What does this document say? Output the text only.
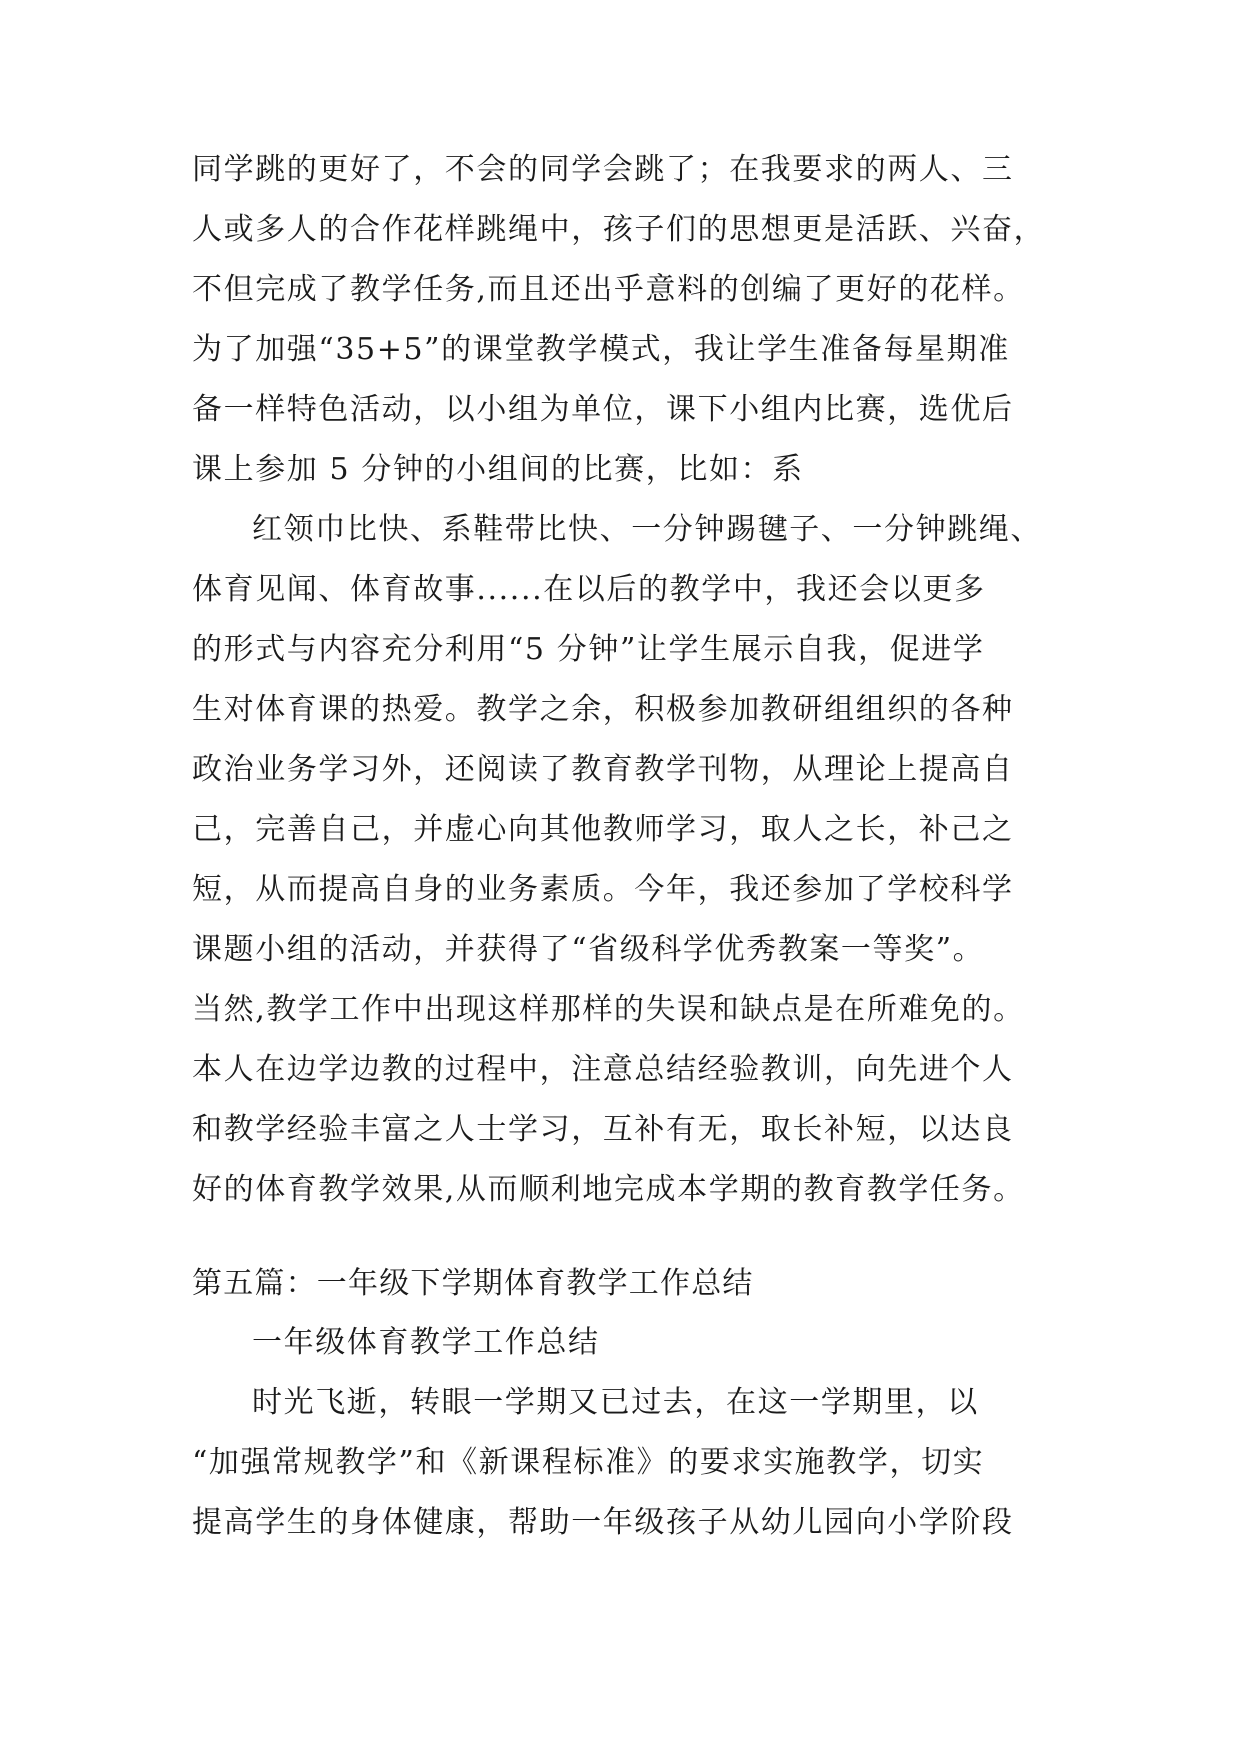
同学跳的更好了，不会的同学会跳了；在我要求的两人、三

人或多人的合作花样跳绳中，孩子们的思想更是活跃、兴奋，

不但完成了教学任务,而且还出乎意料的创编了更好的花样。

为了加强“35+5”的课堂教学模式，我让学生准备每星期准

备一样特色活动，以小组为单位，课下小组内比赛，选优后

课上参加 5 分钟的小组间的比赛，比如：系

红领巾比快、系鞋带比快、一分钟踢毽子、一分钟跳绳、

体育见闻、体育故事......在以后的教学中，我还会以更多

的形式与内容充分利用“5 分钟”让学生展示自我，促进学

生对体育课的热爱。教学之余，积极参加教研组组织的各种

政治业务学习外，还阅读了教育教学刊物，从理论上提高自

己，完善自己，并虚心向其他教师学习，取人之长，补己之

短，从而提高自身的业务素质。今年，我还参加了学校科学

课题小组的活动，并获得了“省级科学优秀教案一等奖”。

当然,教学工作中出现这样那样的失误和缺点是在所难免的。

本人在边学边教的过程中，注意总结经验教训，向先进个人

和教学经验丰富之人士学习，互补有无，取长补短，以达良

好的体育教学效果,从而顺利地完成本学期的教育教学任务。

第五篇：一年级下学期体育教学工作总结

一年级体育教学工作总结

时光飞逝，转眼一学期又已过去，在这一学期里，以

“加强常规教学”和《新课程标准》的要求实施教学，切实

提高学生的身体健康，帮助一年级孩子从幼儿园向小学阶段
